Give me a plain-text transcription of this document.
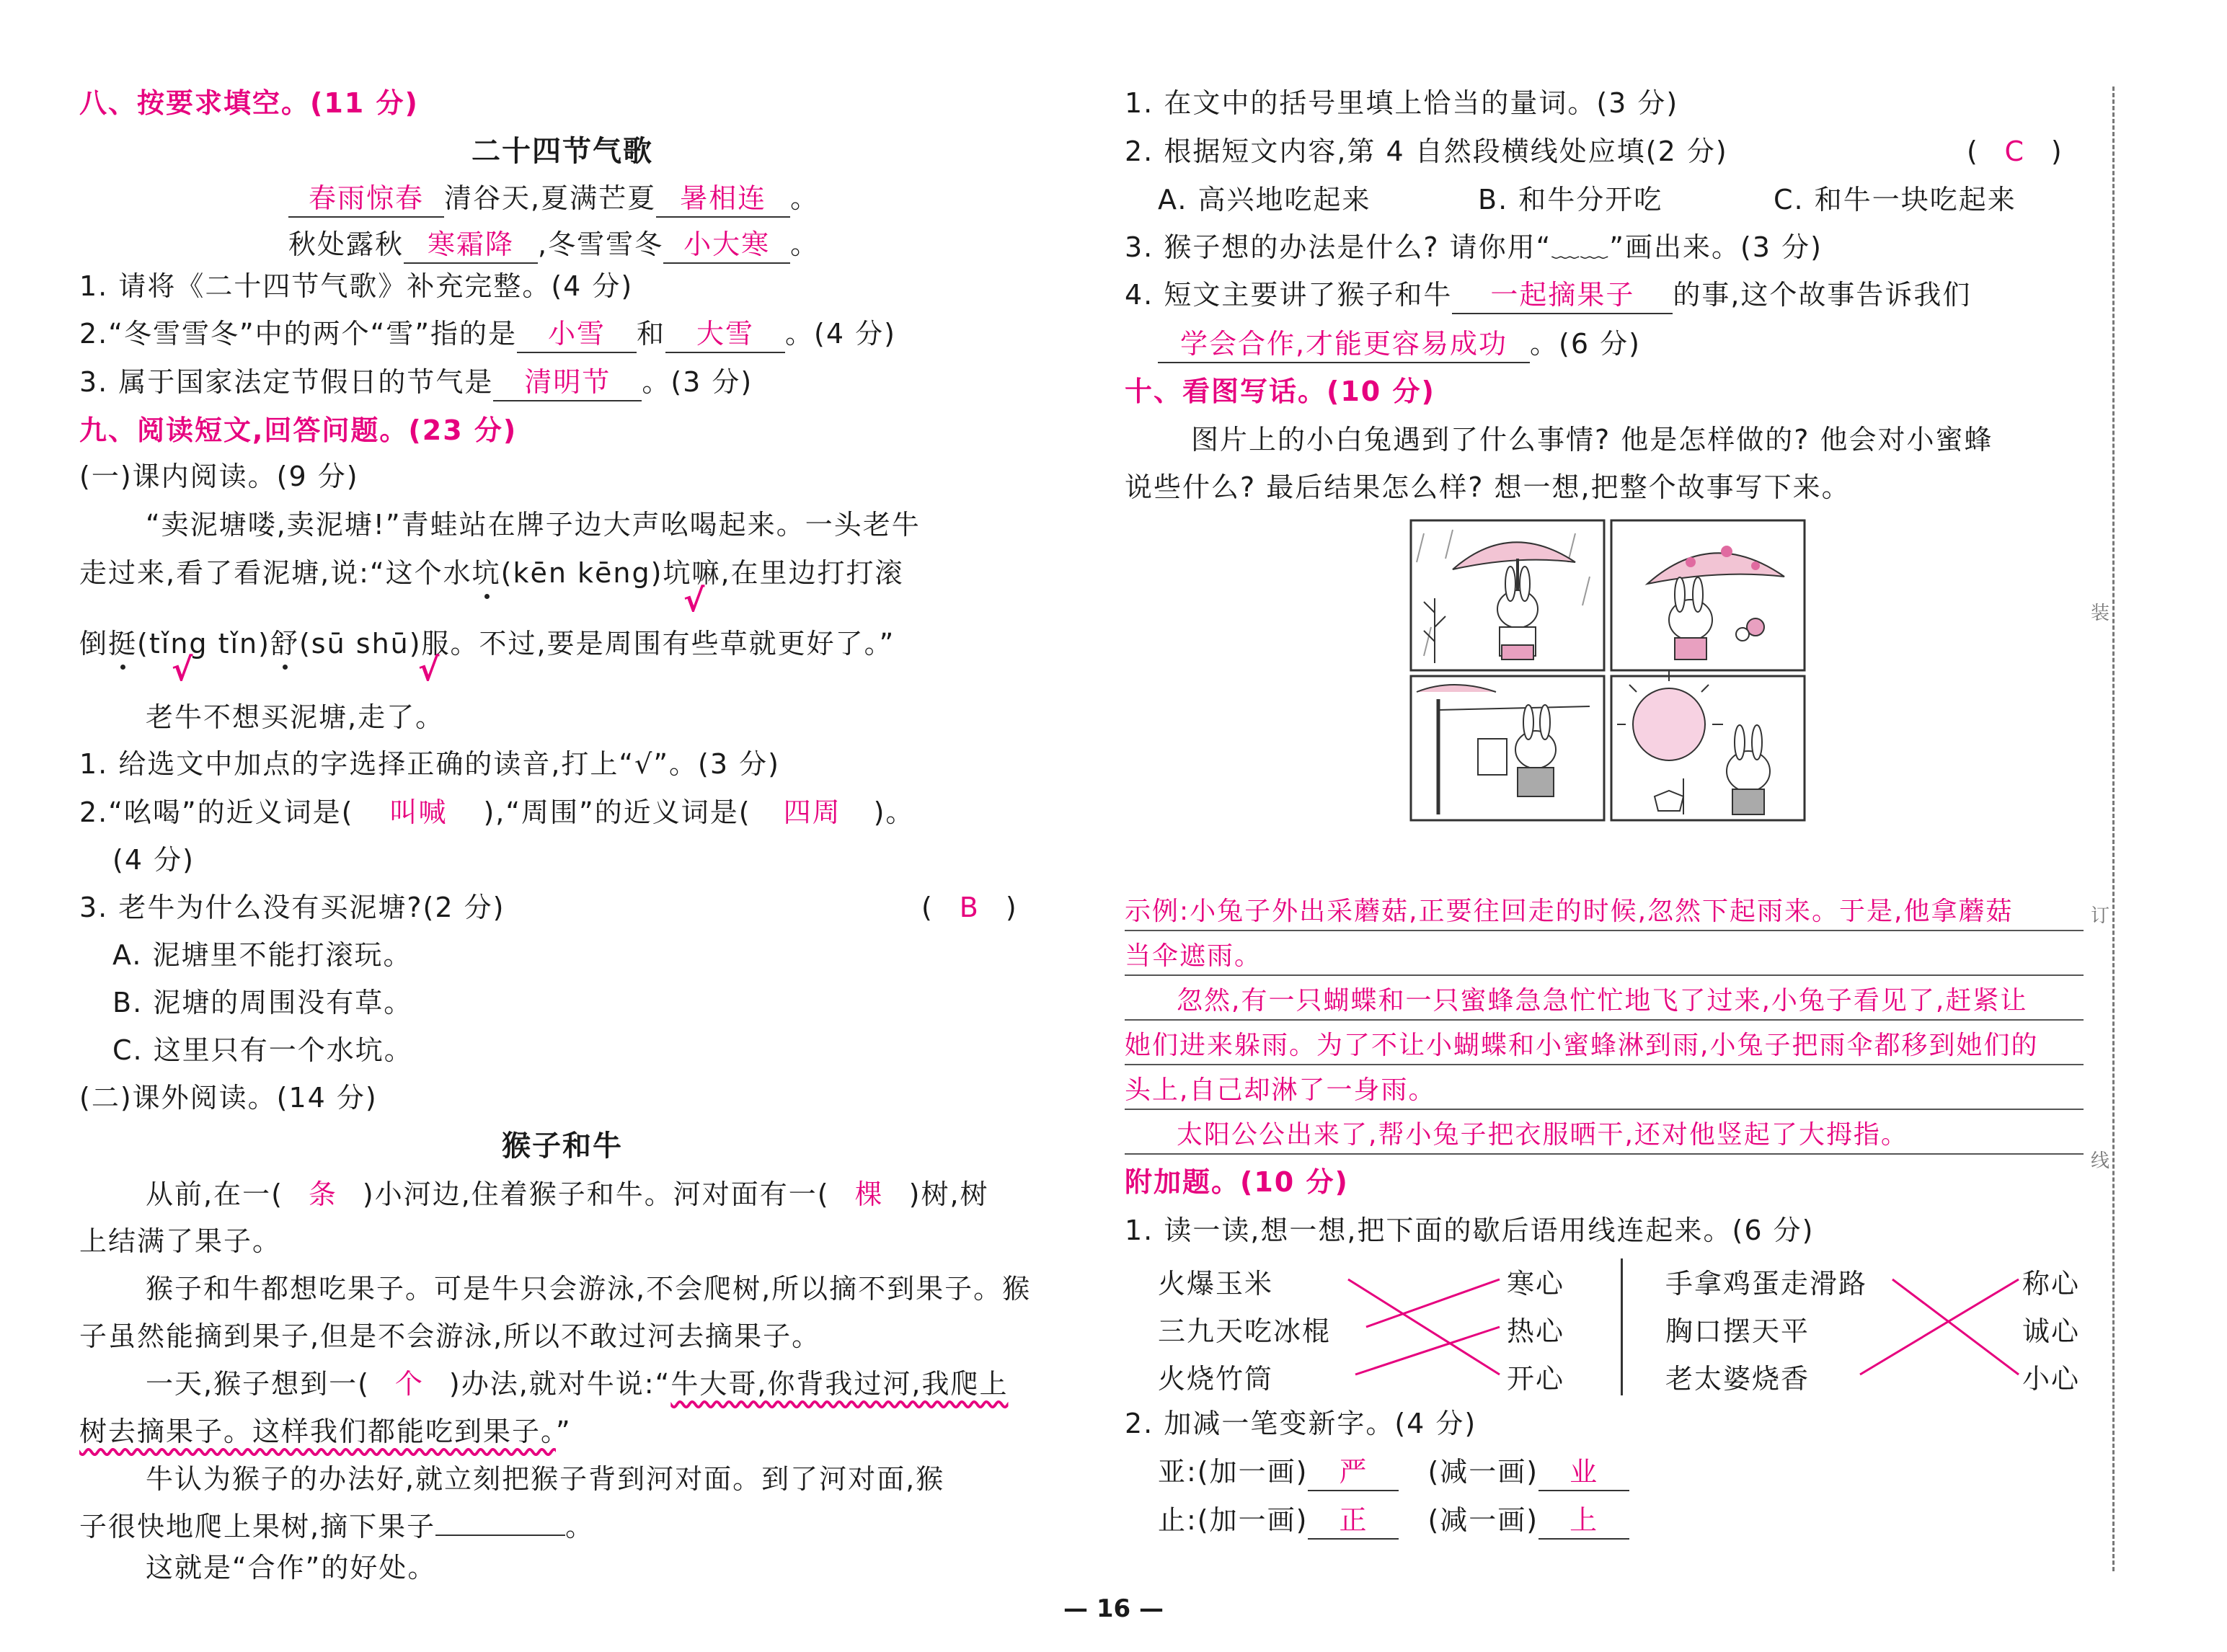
八、按要求填空。(11 分)
二十四节气歌
春雨惊春 清谷天,夏满芒夏 暑相连 。
秋处露秋 寒霜降 ,冬雪雪冬 小大寒 。
1. 请将《二十四节气歌》补充完整。(4 分)
2.“冬雪雪冬”中的两个“雪”指的是 小雪 和 大雪 。(4 分)
3. 属于国家法定节假日的节气是 清明节 。(3 分)
九、阅读短文,回答问题。(23 分)
(一)课内阅读。(9 分)
“卖泥塘喽,卖泥塘!”青蛙站在牌子边大声吆喝起来。一头老牛
走过来,看了看泥塘,说:“这个水坑(kēn kēng)坑嘛,在里边打打滚
√
倒挺(tǐng tǐn)舒(sū shū)服。不过,要是周围有些草就更好了。”
√	√
老牛不想买泥塘,走了。
1. 给选文中加点的字选择正确的读音,打上“√”。(3 分)
2.“吆喝”的近义词是( 叫喊 ),“周围”的近义词是( 四周 )。
(4 分)
3. 老牛为什么没有买泥塘?(2 分)	( B )
A. 泥塘里不能打滚玩。
B. 泥塘的周围没有草。
C. 这里只有一个水坑。
(二)课外阅读。(14 分)
猴子和牛
从前,在一( 条 )小河边,住着猴子和牛。河对面有一( 棵 )树,树
上结满了果子。
猴子和牛都想吃果子。可是牛只会游泳,不会爬树,所以摘不到果子。猴
子虽然能摘到果子,但是不会游泳,所以不敢过河去摘果子。
一天,猴子想到一( 个 )办法,就对牛说:“牛大哥,你背我过河,我爬上
树去摘果子。这样我们都能吃到果子。”
牛认为猴子的办法好,就立刻把猴子背到河对面。到了河对面,猴
子很快地爬上果树,摘下果子	。
这就是“合作”的好处。
1. 在文中的括号里填上恰当的量词。(3 分)
2. 根据短文内容,第 4 自然段横线处应填(2 分)	( C )
A. 高兴地吃起来	B. 和牛分开吃	C. 和牛一块吃起来
3. 猴子想的办法是什么? 请你用“﹏﹏”画出来。(3 分)
4. 短文主要讲了猴子和牛 一起摘果子 的事,这个故事告诉我们
学会合作,才能更容易成功 。(6 分)
十、看图写话。(10 分)
图片上的小白兔遇到了什么事情? 他是怎样做的? 他会对小蜜蜂
说些什么? 最后结果怎么样? 想一想,把整个故事写下来。
示例:小兔子外出采蘑菇,正要往回走的时候,忽然下起雨来。于是,他拿蘑菇
当伞遮雨。
忽然,有一只蝴蝶和一只蜜蜂急急忙忙地飞了过来,小兔子看见了,赶紧让
她们进来躲雨。为了不让小蝴蝶和小蜜蜂淋到雨,小兔子把雨伞都移到她们的
头上,自己却淋了一身雨。
太阳公公出来了,帮小兔子把衣服晒干,还对他竖起了大拇指。
附加题。(10 分)
1. 读一读,想一想,把下面的歇后语用线连起来。(6 分)
火爆玉米
三九天吃冰棍
火烧竹筒
寒心
热心
开心
手拿鸡蛋走滑路
胸口摆天平
老太婆烧香
称心
诚心
小心
2. 加减一笔变新字。(4 分)
亚:(加一画) 严 (减一画) 业
止:(加一画) 正 (减一画) 上
装
订
线
— 16 —
